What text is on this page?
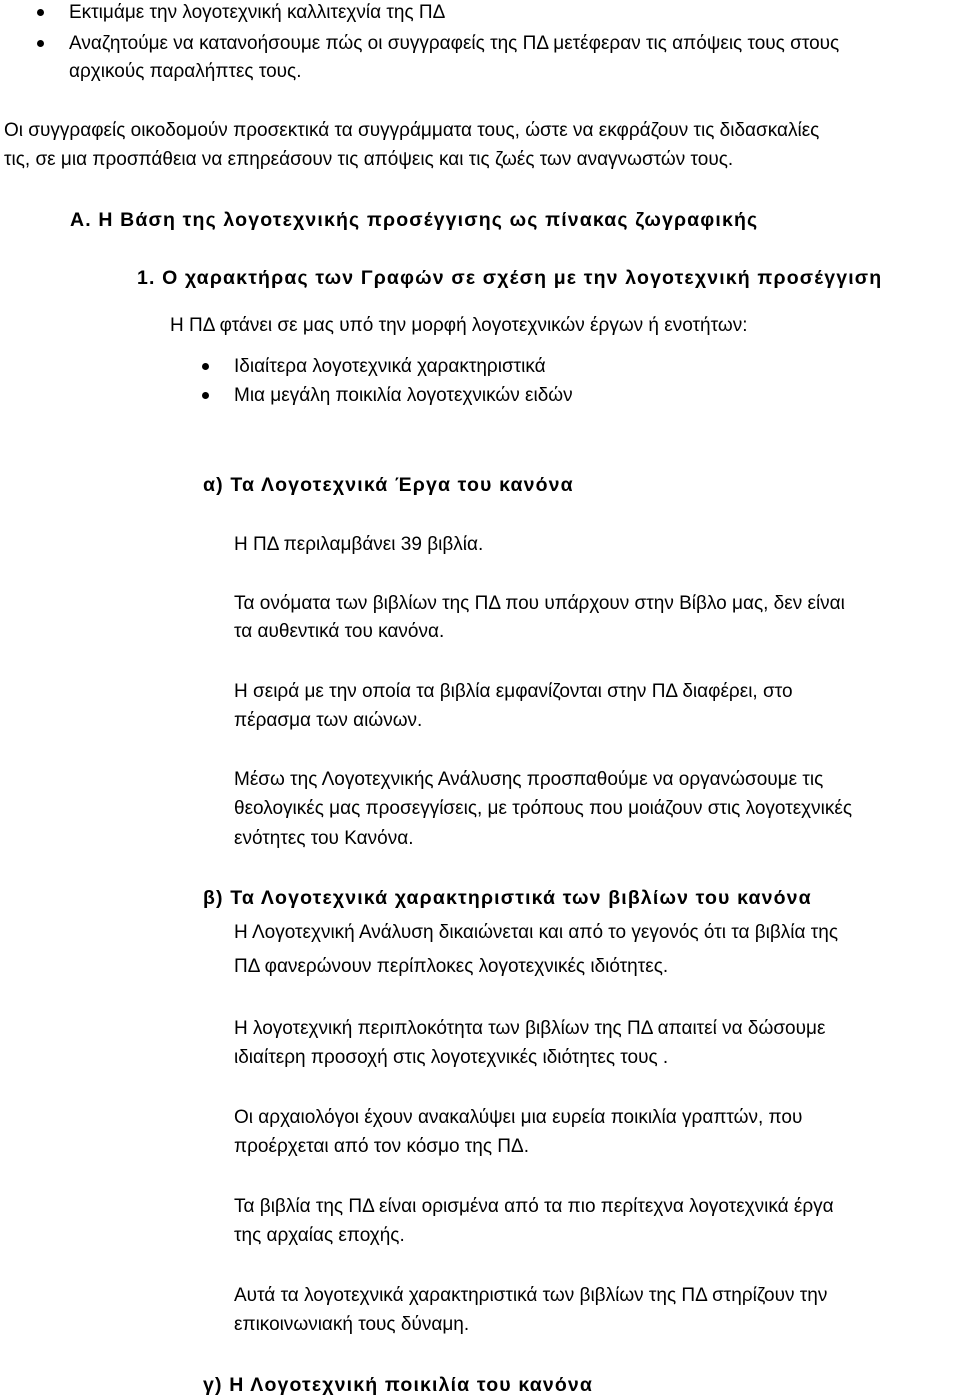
Εκτιμάμε την λογοτεχνική καλλιτεχνία της ΠΔ

Αναζητούμε να κατανοήσουμε πώς οι συγγραφείς της ΠΔ μετέφεραν τις απόψεις τους στους

αρχικούς παραλήπτες τους.

Οι συγγραφείς οικοδομούν προσεκτικά τα συγγράμματα τους, ώστε να εκφράζουν τις διδασκαλίες

τις, σε μια προσπάθεια να επηρεάσουν τις απόψεις και τις ζωές των αναγνωστών τους.

Α. Η Βάση της λογοτεχνικής προσέγγισης ως πίνακας ζωγραφικής

1. Ο χαρακτήρας των Γραφών σε σχέση με την λογοτεχνική προσέγγιση

Η ΠΔ φτάνει σε μας υπό την μορφή λογοτεχνικών έργων ή ενοτήτων:

Ιδιαίτερα λογοτεχνικά χαρακτηριστικά

Μια μεγάλη ποικιλία λογοτεχνικών ειδών

α) Τα Λογοτεχνικά Έργα του κανόνα

Η ΠΔ περιλαμβάνει 39 βιβλία.

Τα ονόματα των βιβλίων της ΠΔ που υπάρχουν στην Βίβλο μας, δεν είναι

τα αυθεντικά του κανόνα.

Η σειρά με την οποία τα βιβλία εμφανίζονται στην ΠΔ διαφέρει, στο

πέρασμα των αιώνων.

Μέσω της Λογοτεχνικής Ανάλυσης προσπαθούμε να οργανώσουμε τις

θεολογικές μας προσεγγίσεις, με τρόπους που μοιάζουν στις λογοτεχνικές

ενότητες του Κανόνα.

β) Τα Λογοτεχνικά χαρακτηριστικά των βιβλίων του κανόνα

Η Λογοτεχνική Ανάλυση δικαιώνεται και από το γεγονός ότι τα βιβλία της

ΠΔ φανερώνουν περίπλοκες λογοτεχνικές ιδιότητες.

Η λογοτεχνική περιπλοκότητα των βιβλίων της ΠΔ απαιτεί να δώσουμε

ιδιαίτερη προσοχή στις λογοτεχνικές ιδιότητες τους .

Οι αρχαιολόγοι έχουν ανακαλύψει μια ευρεία ποικιλία γραπτών, που

προέρχεται από τον κόσμο της ΠΔ.

Τα βιβλία της ΠΔ είναι ορισμένα από τα πιο περίτεχνα λογοτεχνικά έργα

της αρχαίας εποχής.

Αυτά τα λογοτεχνικά χαρακτηριστικά των βιβλίων της ΠΔ στηρίζουν την

επικοινωνιακή τους δύναμη.

γ) Η Λογοτεχνική ποικιλία του κανόνα
